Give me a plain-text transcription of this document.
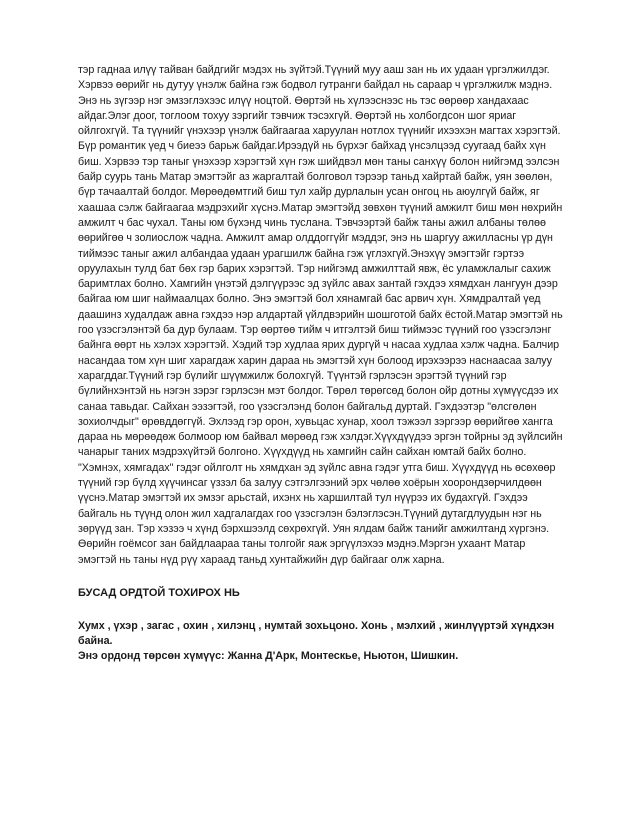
тэр гаднаа илүү тайван байдгийг мэдэх нь зүйтэй.Түүний муу ааш зан нь их удаан үргэлжилдэг. Хэрвээ өөрийг нь дутуу үнэлж байна гэж бодвол гутранги байдал нь сараар ч үргэлжилж мэднэ. Энэ нь зүгээр нэг эмзэглэхээс илүү ноцтой. Өөртэй нь хүлээснээс нь тэс өөрөөр хандахаас айдаг.Элэг доог, тоглоом тохуу зэргийг тэвчиж тэсэхгүй. Өөртэй нь холбогдсон шог яриаг ойлгохгүй. Та түүнийг үнэхээр үнэлж байгаагаа харуулан нотлох түүнийг ихээхэн магтах хэрэгтэй. Бүр романтик үед ч биеээ барьж байдаг.Ирээдүй нь бүрхэг байхад үнсэлцээд суугаад байх хүн биш. Хэрвээ тэр таныг үнэхээр хэрэгтэй хүн гэж шийдвэл мөн таны санхүү болон нийгэмд ээлсэн байр суурь тань Матар эмэгтэйг аз жаргалтай болговол тэрээр таньд хайртай байж, уян зөөлөн, бүр тачаалтай болдог. Мөрөөдөмтгий биш тул хайр дурлалын усан онгоц нь аюулгүй байж, яг хаашаа сэлж байгаагаа мэдрэхийг хүснэ.Матар эмэгтэйд зөвхөн түүний амжилт биш мөн нөхрийн амжилт ч бас чухал. Таны юм бүхэнд чинь туслана. Тэвчээртэй байж таны ажил албаны төлөө өөрийгөө ч золиослож чадна. Амжилт амар олддоггүйг мэддэг, энэ нь шаргуу ажилласны үр дүн тиймээс таныг ажил албандаа удаан урагшилж байна гэж үглэхгүй.Энэхүү эмэгтэйг гэртээ оруулахын тулд бат бөх гэр барих хэрэгтэй. Тэр нийгэмд амжилттай явж, ёс уламжлалыг сахиж баримтлах болно. Хамгийн үнэтэй дэлгүүрээс эд зүйлс авах зантай гэхдээ хямдхан лангуун дээр байгаа юм шиг наймаалцах болно. Энэ эмэгтэй бол хянамгай бас арвич хүн. Хямдралтай үед даашинз худалдаж авна гэхдээ нэр алдартай үйлдвэрийн шошготой байх ёстой.Матар эмэгтэй нь гоо үзэсгэлэнтэй ба дур булаам. Тэр өөртөө тийм ч итгэлтэй биш тиймээс түүний гоо үзэсгэлэнг байнга өөрт нь хэлэх хэрэгтэй. Хэдий тэр худлаа ярих дургүй ч насаа худлаа хэлж чадна. Балчир насандаа том хүн шиг харагдаж харин дараа нь эмэгтэй хүн болоод ирэхээрээ наснаасаа залуу харагддаг.Түүний гэр бүлийг шүүмжилж болохгүй. Түүнтэй гэрлэсэн эрэгтэй түүний гэр бүлийнхэнтэй нь нэгэн зэрэг гэрлэсэн мэт болдог. Төрөл төрөгсөд болон ойр дотны хүмүүсдээ их санаа тавьдаг. Сайхан ээзэгтэй, гоо үзэсгэлэнд болон байгальд дуртай. Гэхдээтэр "өлсгөлөн зохиолчдыг" өрөвддөггүй. Эхлээд гэр орон, хувьцас хунар, хоол тэжээл зэргээр өөрийгөө хангга дараа нь мөрөөдөж болмоор юм байвал мөрөөд гэж хэлдэг.Хүүхдүүдээ эргэн тойрны эд зүйлсийн чанарыг таних мэдрэхүйтэй болгоно. Хүүхдүүд нь хамгийн сайн сайхан юмтай байх болно. "Хэмнэх, хямгадах" гэдэг ойлголт нь хямдхан эд зүйлс авна гэдэг утга биш. Хүүхдүүд нь өсөхөөр түүний гэр бүлд хүүчинсаг үззэл ба залуу сэтгэлгээний эрх чөлөө хоёрын хоорондзөрчилдөөн үүснэ.Матар эмэгтэй их эмзэг арьстай, ихэнх нь харшилтай тул нүүрээ их будахгүй. Гэхдээ байгаль нь түүнд олон жил хадгалагдах гоо үзэсгэлэн бэлэглэсэн.Түүний дутагдлуудын нэг нь зөрүүд зан. Тэр хэзээ ч хүнд бэрхшээлд сөхрөхгүй. Уян ялдам байж танийг амжилтанд хүргэнэ. Өөрийн гоёмсог зан байдлаараа таны толгойг яаж эргүүлэхээ мэднэ.Мэргэн ухаант Матар эмэгтэй нь таны нүд рүү хараад таньд хунтайжийн дүр байгааг олж харна.

БУСАД ОРДТОЙ ТОХИРОХ НЬ

Хумх , үхэр , загас , охин , хилэнц , нумтай зохьцоно. Хонь , мэлхий , жинлүүртэй хүндхэн байна.

Энэ ордонд төрсөн хүмүүс: Жанна Д'Арк, Монтескье, Ньютон, Шишкин.
